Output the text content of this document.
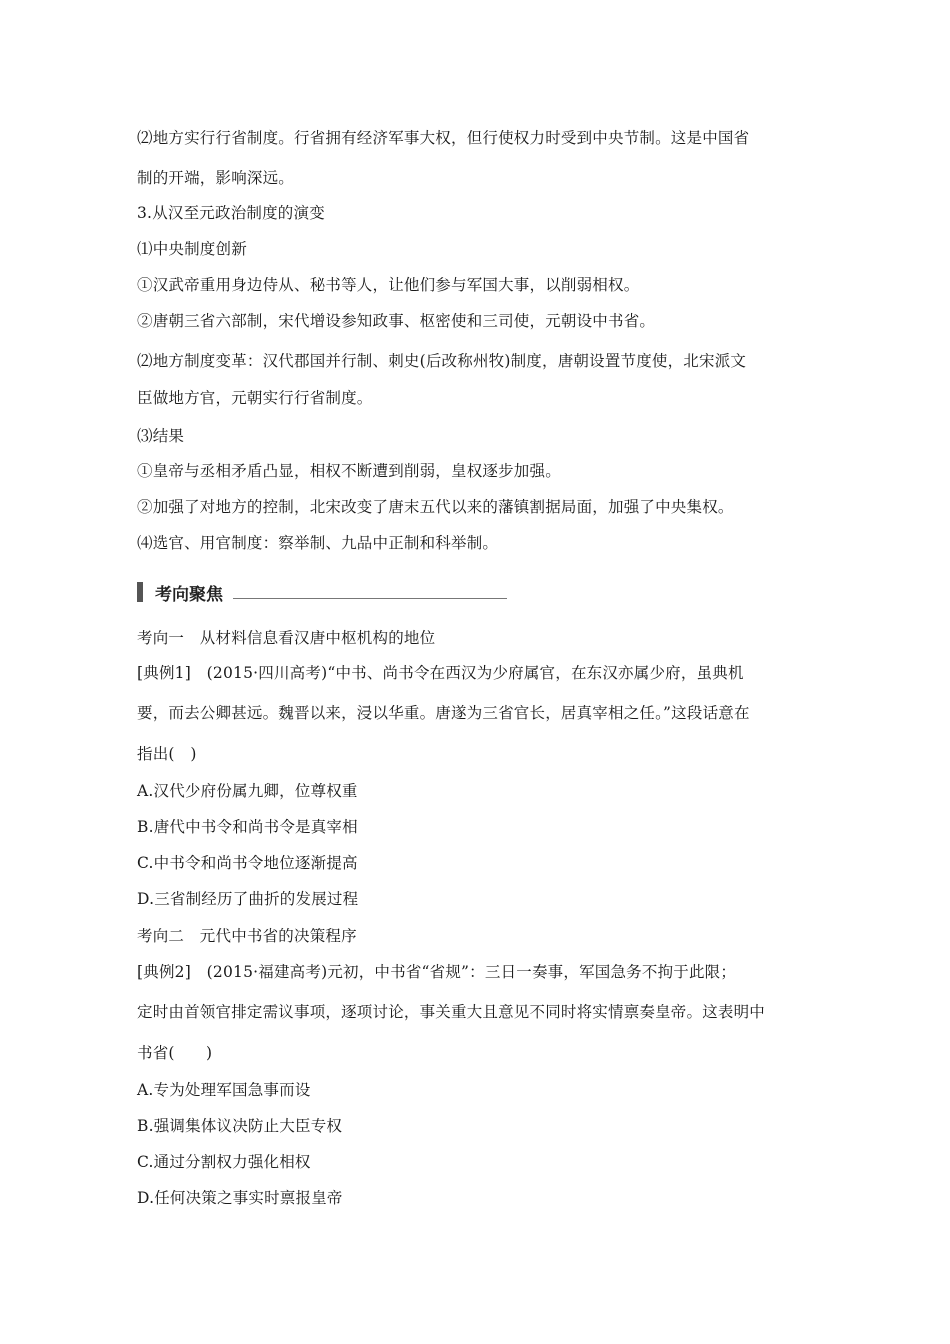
⑵地方实行行省制度。行省拥有经济军事大权，但行使权力时受到中央节制。这是中国省
制的开端，影响深远。
3.从汉至元政治制度的演变
⑴中央制度创新
①汉武帝重用身边侍从、秘书等人，让他们参与军国大事，以削弱相权。
②唐朝三省六部制，宋代增设参知政事、枢密使和三司使，元朝设中书省。
⑵地方制度变革：汉代郡国并行制、刺史(后改称州牧)制度，唐朝设置节度使，北宋派文
臣做地方官，元朝实行行省制度。
⑶结果
①皇帝与丞相矛盾凸显，相权不断遭到削弱，皇权逐步加强。
②加强了对地方的控制，北宋改变了唐末五代以来的藩镇割据局面，加强了中央集权。
⑷选官、用官制度：察举制、九品中正制和科举制。
考向聚焦
考向一　从材料信息看汉唐中枢机构的地位
[典例1]　(2015·四川高考)“中书、尚书令在西汉为少府属官，在东汉亦属少府，虽典机
要，而去公卿甚远。魏晋以来，浸以华重。唐遂为三省官长，居真宰相之任。”这段话意在
指出(　)
A.汉代少府份属九卿，位尊权重
B.唐代中书令和尚书令是真宰相
C.中书令和尚书令地位逐渐提高
D.三省制经历了曲折的发展过程
考向二　元代中书省的决策程序
[典例2]　(2015·福建高考)元初，中书省“省规”：三日一奏事，军国急务不拘于此限；
定时由首领官排定需议事项，逐项讨论，事关重大且意见不同时将实情禀奏皇帝。这表明中
书省(　　)
A.专为处理军国急事而设
B.强调集体议决防止大臣专权
C.通过分割权力强化相权
D.任何决策之事实时禀报皇帝
